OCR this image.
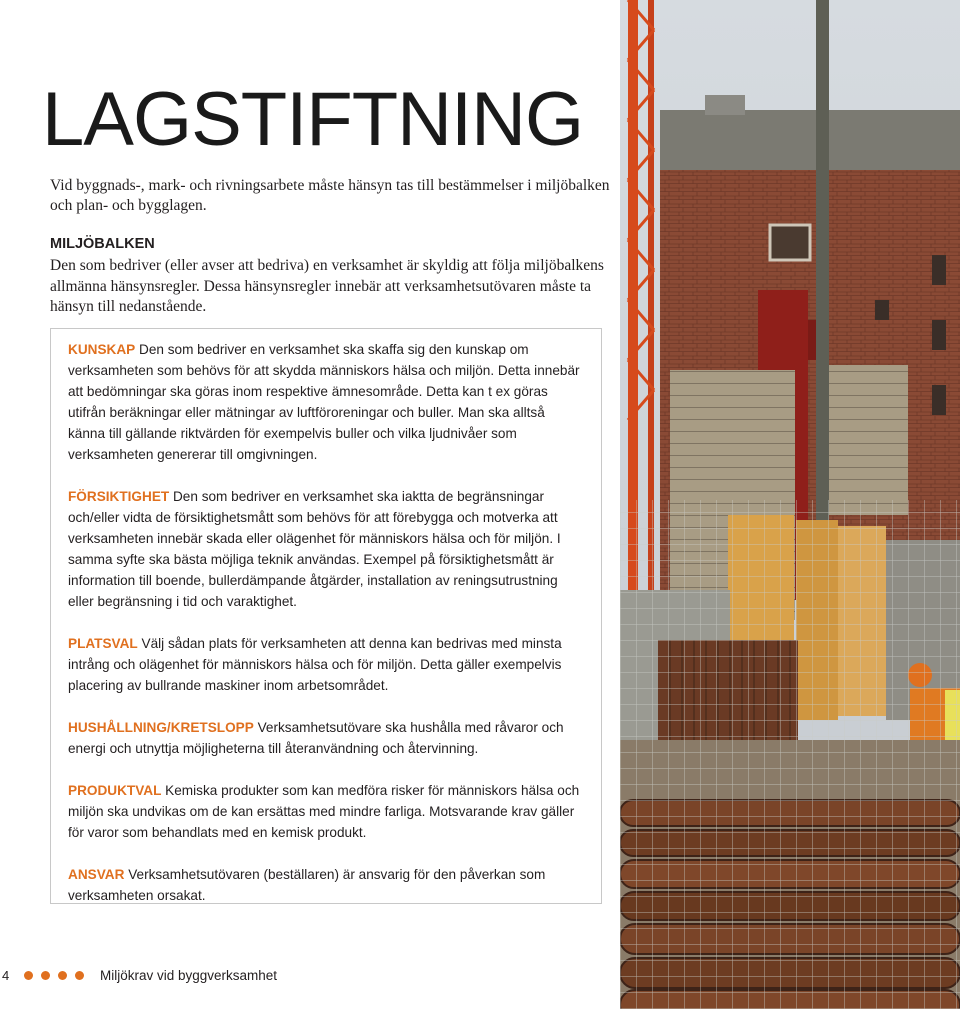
LAGSTIFTNING

Vid byggnads-, mark- och rivningsarbete måste hänsyn tas till bestämmelser i miljöbalken och plan- och bygglagen.

MILJÖBALKEN

Den som bedriver (eller avser att bedriva) en verksamhet är skyldig att följa miljöbalkens allmänna hänsynsregler. Dessa hänsynsregler innebär att verksamhetsutövaren måste ta hänsyn till nedanstående.

KUNSKAP Den som bedriver en verksamhet ska skaffa sig den kunskap om verksamheten som behövs för att skydda människors hälsa och miljön. Detta innebär att bedömningar ska göras inom respektive ämnesområde. Detta kan t ex göras utifrån beräkningar eller mätningar av luftföroreningar och buller. Man ska alltså känna till gällande riktvärden för exempelvis buller och vilka ljudnivåer som verksamheten genererar till omgivningen.

FÖRSIKTIGHET Den som bedriver en verksamhet ska iaktta de begränsningar och/eller vidta de försiktighetsmått som behövs för att förebygga och motverka att verksamheten innebär skada eller olägenhet för människors hälsa och för miljön. I samma syfte ska bästa möjliga teknik användas. Exempel på försiktighetsmått är information till boende, bullerdämpande åtgärder, installation av reningsutrustning eller begränsning i tid och varaktighet.

PLATSVAL Välj sådan plats för verksamheten att denna kan bedrivas med minsta intrång och olägenhet för människors hälsa och för miljön. Detta gäller exempelvis placering av bullrande maskiner inom arbetsområdet.

HUSHÅLLNING/KRETSLOPP Verksamhetsutövare ska hushålla med råvaror och energi och utnyttja möjligheterna till återanvändning och återvinning.

PRODUKTVAL Kemiska produkter som kan medföra risker för människors hälsa och miljön ska undvikas om de kan ersättas med mindre farliga. Motsvarande krav gäller för varor som behandlats med en kemisk produkt.

ANSVAR Verksamhetsutövaren (beställaren) är ansvarig för den påverkan som verksamheten orsakat.

4	Miljökrav vid byggverksamhet
